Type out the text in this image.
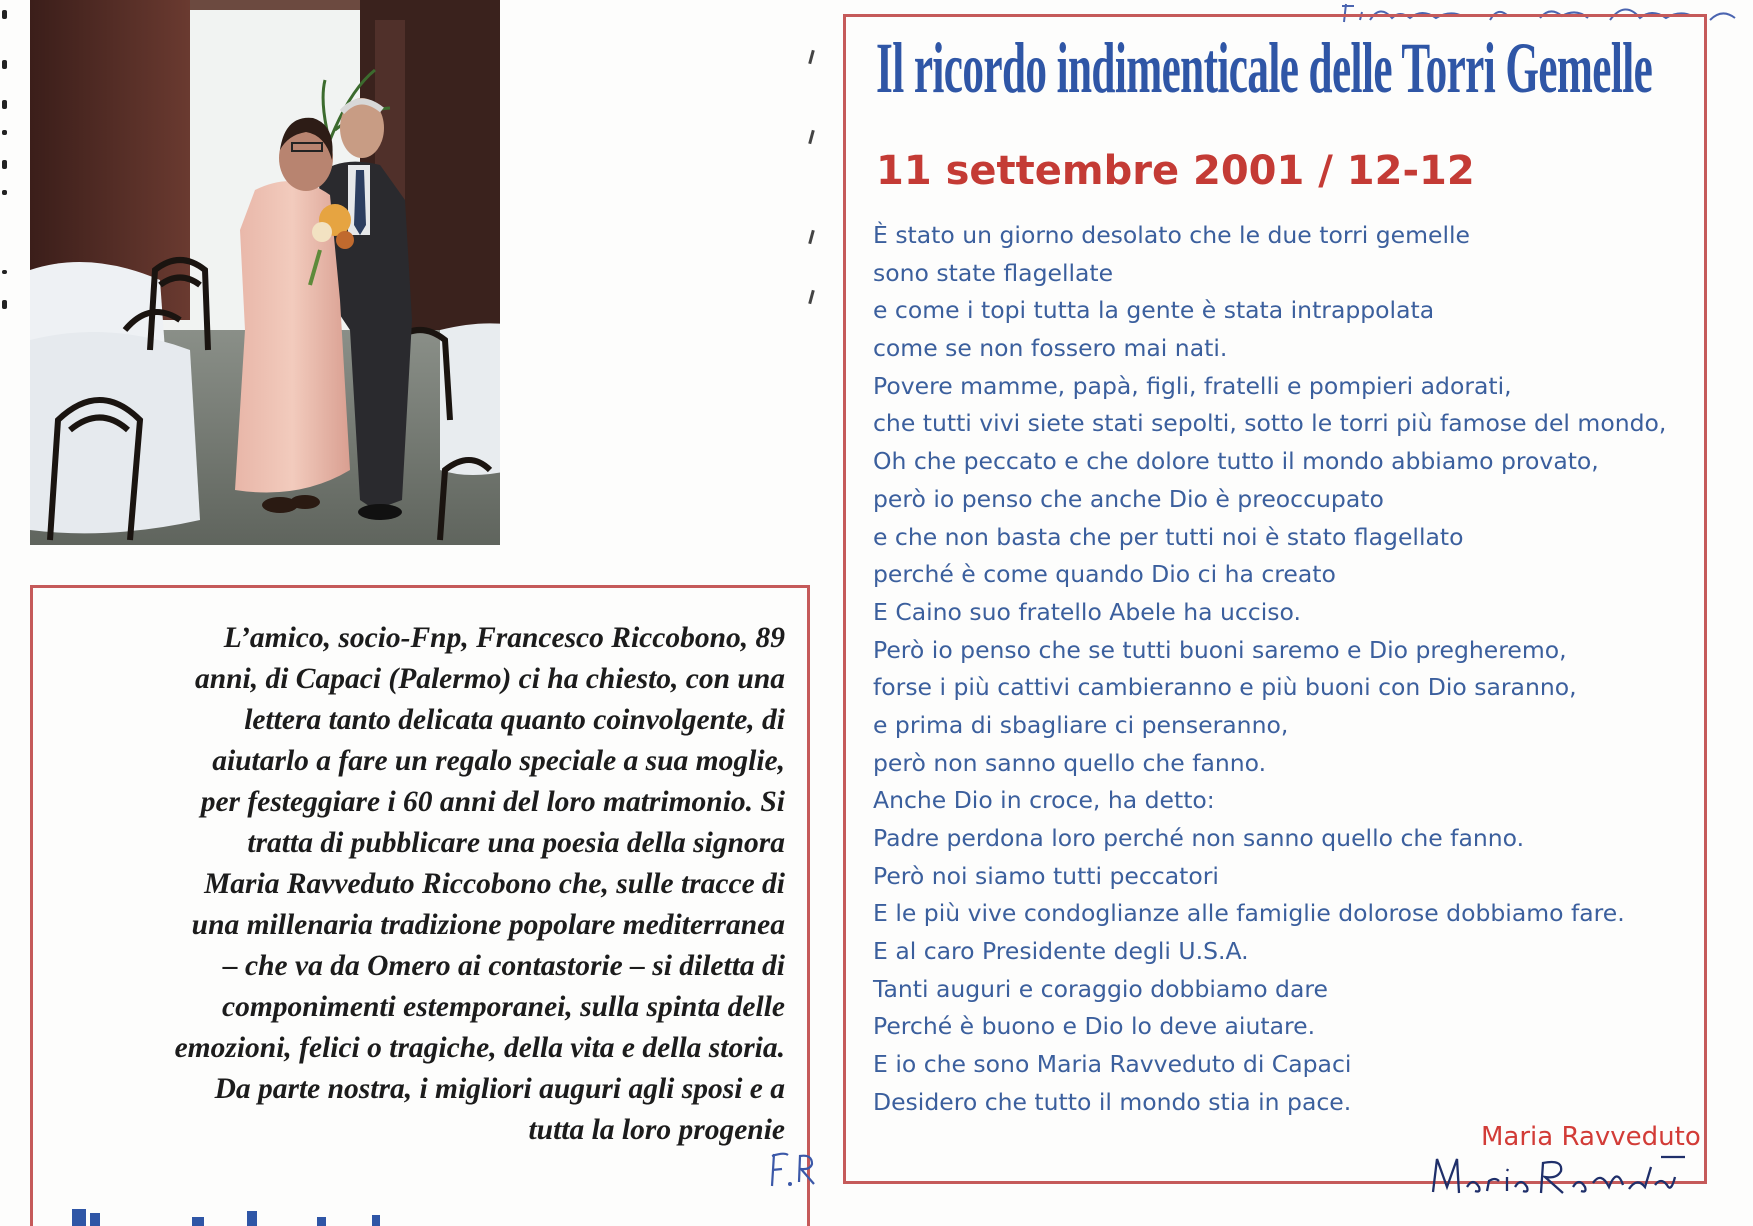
L’amico, socio-Fnp, Francesco Riccobono, 89
anni, di Capaci (Palermo) ci ha chiesto, con una
lettera tanto delicata quanto coinvolgente, di
aiutarlo a fare un regalo speciale a sua moglie,
per festeggiare i 60 anni del loro matrimonio. Si
tratta di pubblicare una poesia della signora
Maria Ravveduto Riccobono che, sulle tracce di
una millenaria tradizione popolare mediterranea
– che va da Omero ai contastorie – si diletta di
componimenti estemporanei, sulla spinta delle
emozioni, felici o tragiche, della vita e della storia.
Da parte nostra, i migliori auguri agli sposi e a
tutta la loro progenie

Il ricordo indimenticale delle Torri Gemelle
11 settembre 2001 / 12-12
È stato un giorno desolato che le due torri gemelle
sono state flagellate
e come i topi tutta la gente è stata intrappolata
come se non fossero mai nati.
Povere mamme, papà, figli, fratelli e pompieri adorati,
che tutti vivi siete stati sepolti, sotto le torri più famose del mondo,
Oh che peccato e che dolore tutto il mondo abbiamo provato,
però io penso che anche Dio è preoccupato
e che non basta che per tutti noi è stato flagellato
perché è come quando Dio ci ha creato
E Caino suo fratello Abele ha ucciso.
Però io penso che se tutti buoni saremo e Dio pregheremo,
forse i più cattivi cambieranno e più buoni con Dio saranno,
e prima di sbagliare ci penseranno,
però non sanno quello che fanno.
Anche Dio in croce, ha detto:
Padre perdona loro perché non sanno quello che fanno.
Però noi siamo tutti peccatori
E le più vive condoglianze alle famiglie dolorose dobbiamo fare.
E al caro Presidente degli U.S.A.
Tanti auguri e coraggio dobbiamo dare
Perché è buono e Dio lo deve aiutare.
E io che sono Maria Ravveduto di Capaci
Desidero che tutto il mondo stia in pace.

Maria Ravveduto
